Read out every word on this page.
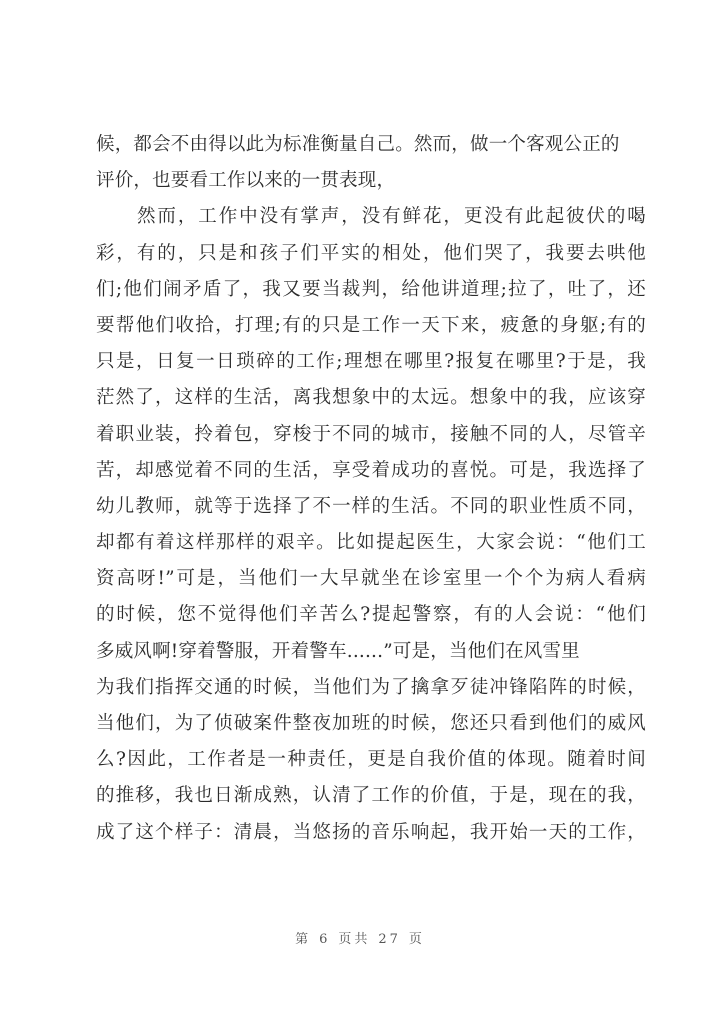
候，都会不由得以此为标准衡量自己。然而，做一个客观公正的
评价，也要看工作以来的一贯表现，
然而，工作中没有掌声，没有鲜花，更没有此起彼伏的喝
彩，有的，只是和孩子们平实的相处，他们哭了，我要去哄他
们;他们闹矛盾了，我又要当裁判，给他讲道理;拉了，吐了，还
要帮他们收拾，打理;有的只是工作一天下来，疲惫的身躯;有的
只是，日复一日琐碎的工作;理想在哪里?报复在哪里?于是，我
茫然了，这样的生活，离我想象中的太远。想象中的我，应该穿
着职业装，拎着包，穿梭于不同的城市，接触不同的人，尽管辛
苦，却感觉着不同的生活，享受着成功的喜悦。可是，我选择了
幼儿教师，就等于选择了不一样的生活。不同的职业性质不同，
却都有着这样那样的艰辛。比如提起医生，大家会说：“他们工
资高呀!”可是，当他们一大早就坐在诊室里一个个为病人看病
的时候，您不觉得他们辛苦么?提起警察，有的人会说：“他们
多威风啊!穿着警服，开着警车......”可是，当他们在风雪里
为我们指挥交通的时候，当他们为了擒拿歹徒冲锋陷阵的时候，
当他们，为了侦破案件整夜加班的时候，您还只看到他们的威风
么?因此，工作者是一种责任，更是自我价值的体现。随着时间
的推移，我也日渐成熟，认清了工作的价值，于是，现在的我，
成了这个样子：清晨，当悠扬的音乐响起，我开始一天的工作，
第 6 页共 27 页
